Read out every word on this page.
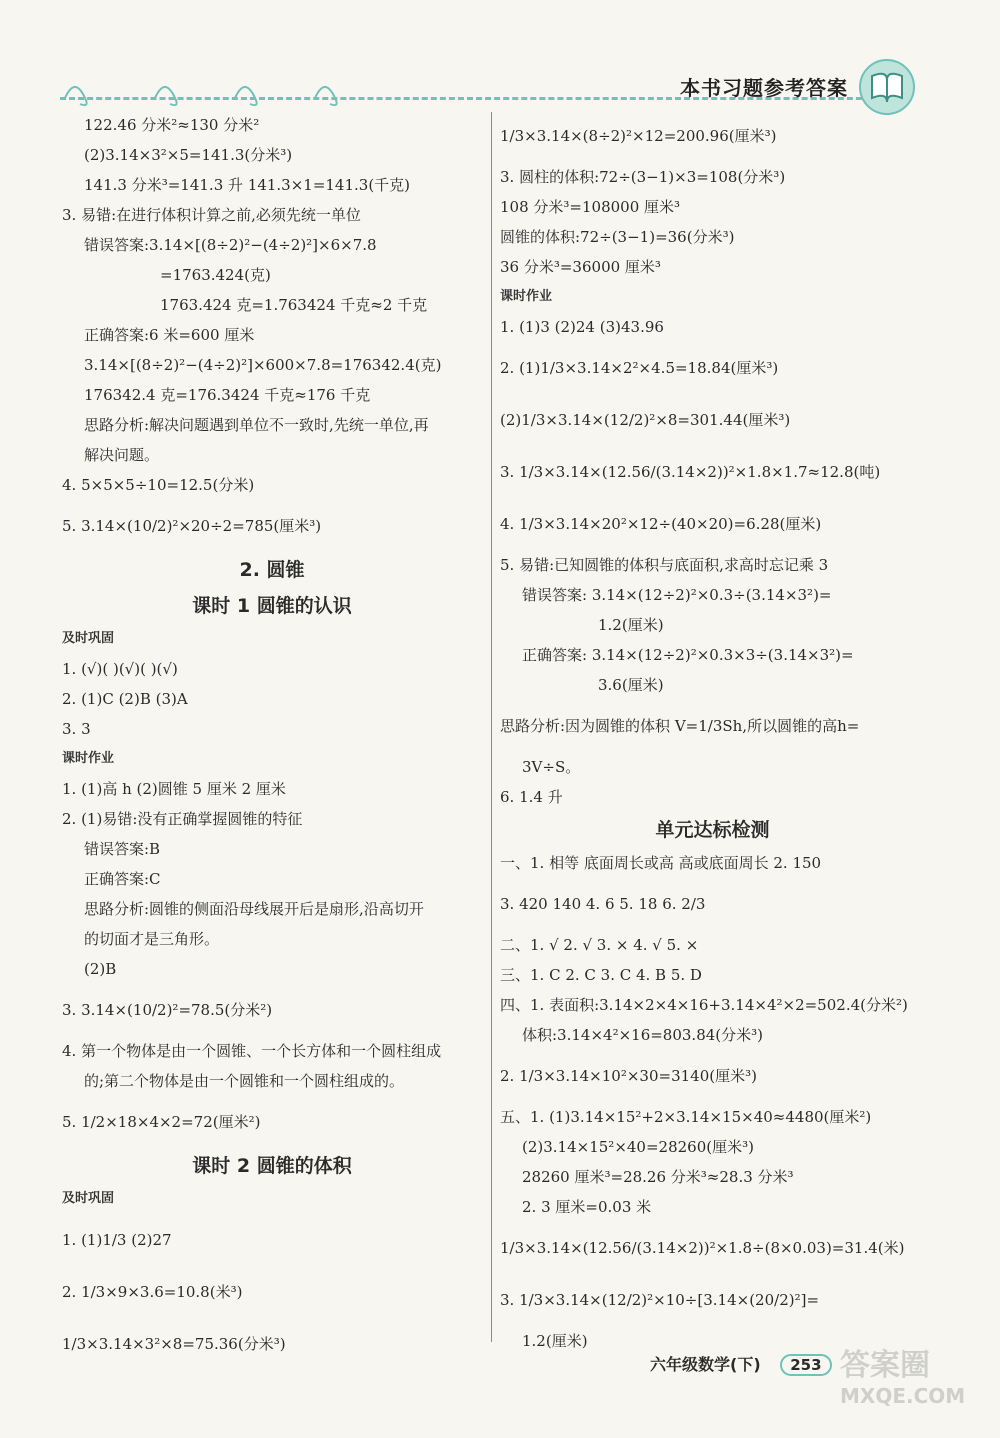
本书习题参考答案
122.46 分米²≈130 分米²
(2)3.14×3²×5=141.3(分米³)
141.3 分米³=141.3 升 141.3×1=141.3(千克)
3. 易错:在进行体积计算之前,必须先统一单位
错误答案:3.14×[(8÷2)²−(4÷2)²]×6×7.8
=1763.424(克)
1763.424 克=1.763424 千克≈2 千克
正确答案:6 米=600 厘米
3.14×[(8÷2)²−(4÷2)²]×600×7.8=176342.4(克)
176342.4 克=176.3424 千克≈176 千克
思路分析:解决问题遇到单位不一致时,先统一单位,再
解决问题。
4. 5×5×5÷10=12.5(分米)
5. 3.14×(10/2)²×20÷2=785(厘米³)
2. 圆锥
课时 1 圆锥的认识
及时巩固
1. (√)( )(√)( )(√)
2. (1)C (2)B (3)A
3. 3
课时作业
1. (1)高 h (2)圆锥 5 厘米 2 厘米
2. (1)易错:没有正确掌握圆锥的特征
错误答案:B
正确答案:C
思路分析:圆锥的侧面沿母线展开后是扇形,沿高切开
的切面才是三角形。
(2)B
3. 3.14×(10/2)²=78.5(分米²)
4. 第一个物体是由一个圆锥、一个长方体和一个圆柱组成
的;第二个物体是由一个圆锥和一个圆柱组成的。
5. 1/2×18×4×2=72(厘米²)
课时 2 圆锥的体积
及时巩固
1. (1)1/3 (2)27
2. 1/3×9×3.6=10.8(米³)
1/3×3.14×3²×8=75.36(分米³)
1/3×3.14×(8÷2)²×12=200.96(厘米³)
3. 圆柱的体积:72÷(3−1)×3=108(分米³)
108 分米³=108000 厘米³
圆锥的体积:72÷(3−1)=36(分米³)
36 分米³=36000 厘米³
课时作业
1. (1)3 (2)24 (3)43.96
2. (1)1/3×3.14×2²×4.5=18.84(厘米³)
(2)1/3×3.14×(12/2)²×8=301.44(厘米³)
3. 1/3×3.14×(12.56/(3.14×2))²×1.8×1.7≈12.8(吨)
4. 1/3×3.14×20²×12÷(40×20)=6.28(厘米)
5. 易错:已知圆锥的体积与底面积,求高时忘记乘 3
错误答案: 3.14×(12÷2)²×0.3÷(3.14×3²)=
1.2(厘米)
正确答案: 3.14×(12÷2)²×0.3×3÷(3.14×3²)=
3.6(厘米)
思路分析:因为圆锥的体积 V=1/3Sh,所以圆锥的高h=
3V÷S。
6. 1.4 升
单元达标检测
一、1. 相等 底面周长或高 高或底面周长 2. 150
3. 420 140 4. 6 5. 18 6. 2/3
二、1. √ 2. √ 3. × 4. √ 5. ×
三、1. C 2. C 3. C 4. B 5. D
四、1. 表面积:3.14×2×4×16+3.14×4²×2=502.4(分米²)
体积:3.14×4²×16=803.84(分米³)
2. 1/3×3.14×10²×30=3140(厘米³)
五、1. (1)3.14×15²+2×3.14×15×40≈4480(厘米²)
(2)3.14×15²×40=28260(厘米³)
28260 厘米³=28.26 分米³≈28.3 分米³
2. 3 厘米=0.03 米
1/3×3.14×(12.56/(3.14×2))²×1.8÷(8×0.03)=31.4(米)
3. 1/3×3.14×(12/2)²×10÷[3.14×(20/2)²]=
1.2(厘米)
六年级数学(下) 253 答案圈
MXQE.COM
